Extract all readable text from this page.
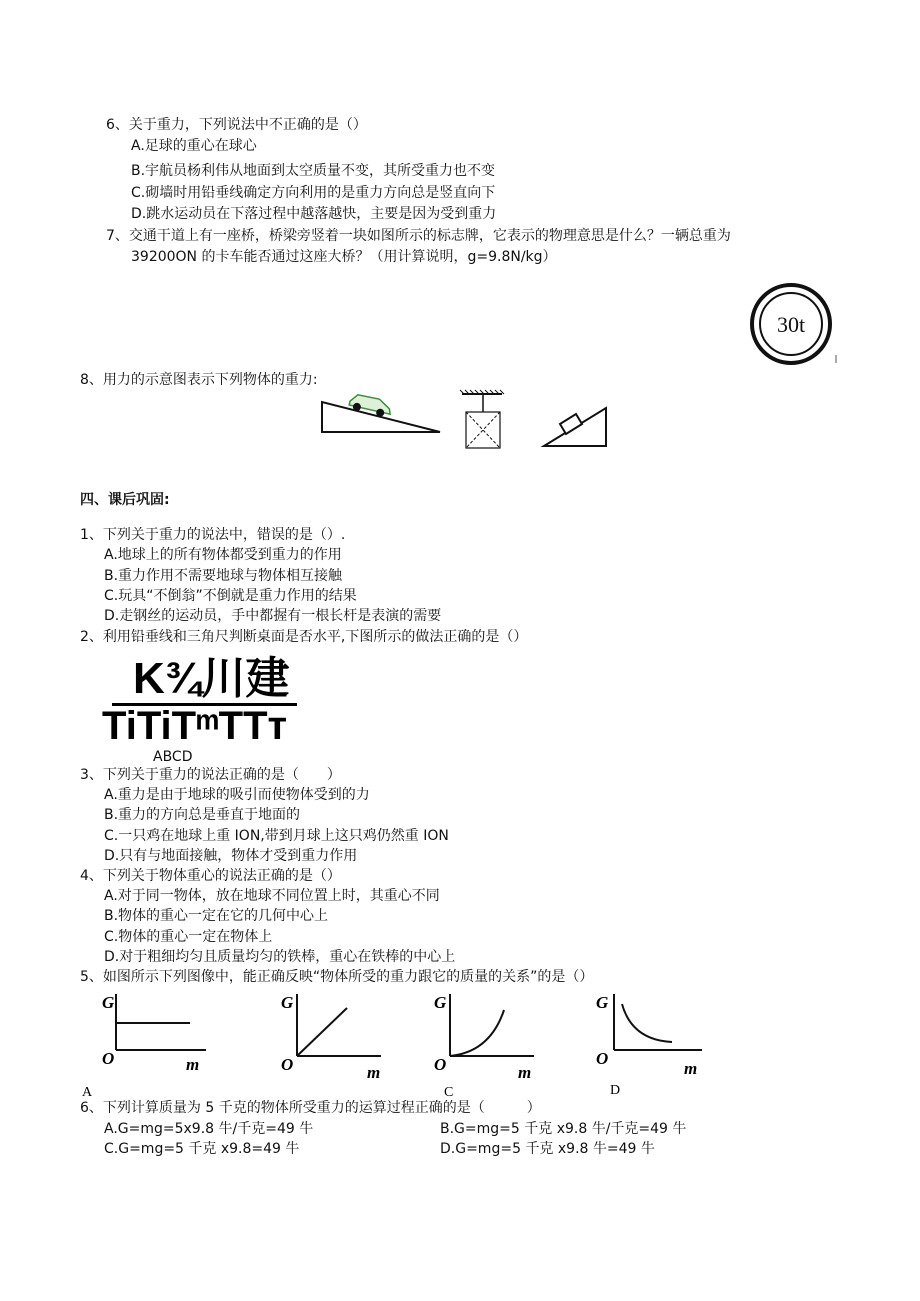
6、关于重力，下列说法中不正确的是（）
A.足球的重心在球心
B.宇航员杨利伟从地面到太空质量不变，其所受重力也不变
C.砌墙时用铅垂线确定方向利用的是重力方向总是竖直向下
D.跳水运动员在下落过程中越落越快，主要是因为受到重力
7、交通干道上有一座桥，桥梁旁竖着一块如图所示的标志牌，它表示的物理意思是什么？一辆总重为
39200ON 的卡车能否通过这座大桥？（用计算说明，g=9.8N∕kg）
30t
8、用力的示意图表示下列物体的重力:
四、课后巩固:
1、下列关于重力的说法中，错误的是（）.
A.地球上的所有物体都受到重力的作用
B.重力作用不需要地球与物体相互接触
C.玩具“不倒翁”不倒就是重力作用的结果
D.走钢丝的运动员，手中都握有一根长杆是表演的需要
2、利用铅垂线和三角尺判断桌面是否水平,下图所示的做法正确的是（）
K¾川建
TiTiTᵐTTт
ABCD
3、下列关于重力的说法正确的是（　　）
A.重力是由于地球的吸引而使物体受到的力
B.重力的方向总是垂直于地面的
C.一只鸡在地球上重 ION,带到月球上这只鸡仍然重 ION
D.只有与地面接触，物体才受到重力作用
4、下列关于物体重心的说法正确的是（）
A.对于同一物体，放在地球不同位置上时，其重心不同
B.物体的重心一定在它的几何中心上
C.物体的重心一定在物体上
D.对于粗细均匀且质量均匀的铁棒，重心在铁棒的中心上
5、如图所示下列图像中，能正确反映“物体所受的重力跟它的质量的关系”的是（）
G
O	m
A
G
O	m
G
O	m
C
G
O
m
D
6、下列计算质量为 5 千克的物体所受重力的运算过程正确的是（　　　）
A.G=mg=5x9.8 牛/千克=49 牛	B.G=mg=5 千克 x9.8 牛/千克=49 牛
C.G=mg=5 千克 x9.8=49 牛	D.G=mg=5 千克 x9.8 牛=49 牛
